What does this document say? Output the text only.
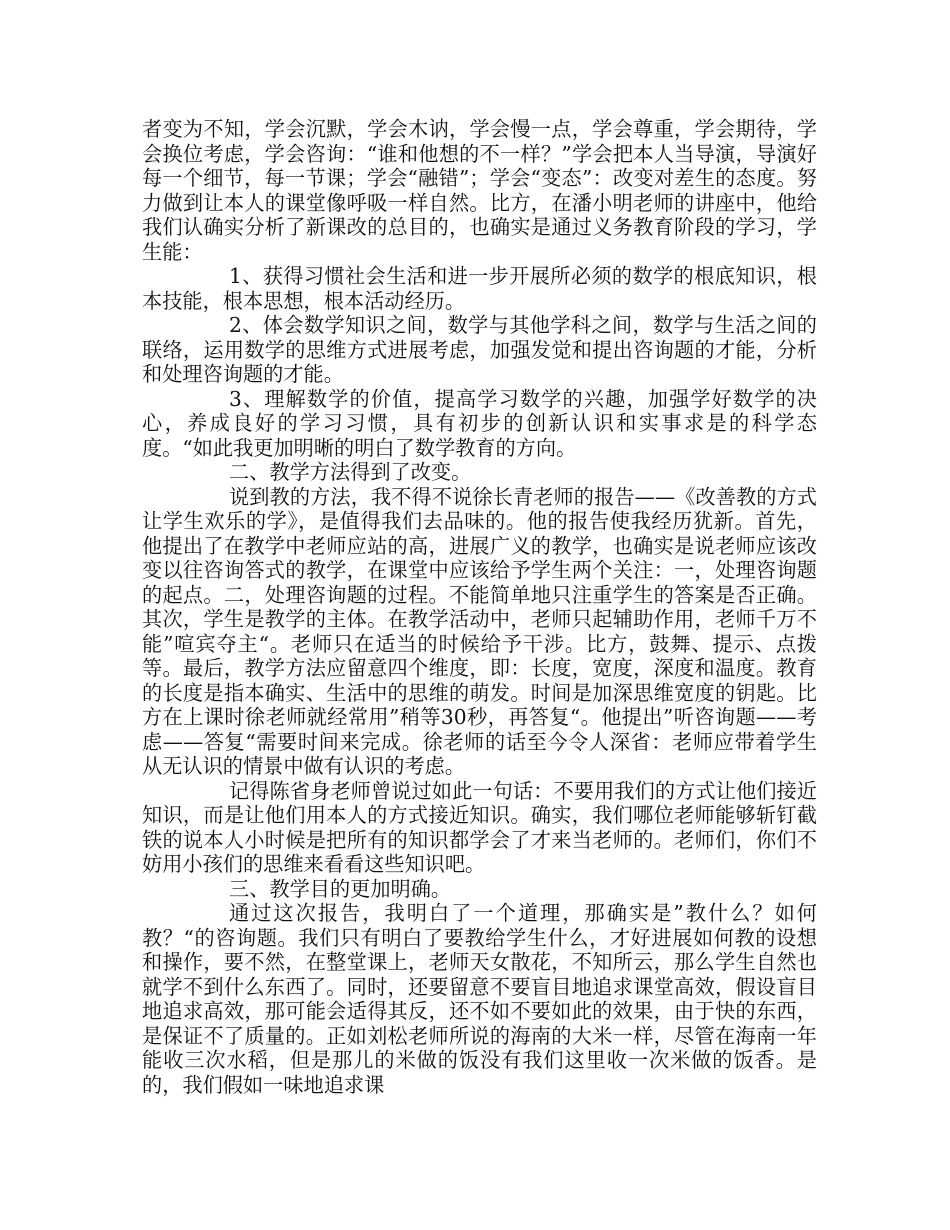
者变为不知，学会沉默，学会木讷，学会慢一点，学会尊重，学会期待，学会换位考虑，学会咨询：“谁和他想的不一样？”学会把本人当导演，导演好每一个细节，每一节课；学会“融错”；学会“变态”：改变对差生的态度。努力做到让本人的课堂像呼吸一样自然。比方，在潘小明老师的讲座中，他给我们认确实分析了新课改的总目的，也确实是通过义务教育阶段的学习，学生能：

1、获得习惯社会生活和进一步开展所必须的数学的根底知识，根本技能，根本思想，根本活动经历。

2、体会数学知识之间，数学与其他学科之间，数学与生活之间的联络，运用数学的思维方式进展考虑，加强发觉和提出咨询题的才能，分析和处理咨询题的才能。

3、理解数学的价值，提高学习数学的兴趣，加强学好数学的决心，养成良好的学习习惯，具有初步的创新认识和实事求是的科学态度。“如此我更加明晰的明白了数学教育的方向。

二、教学方法得到了改变。

说到教的方法，我不得不说徐长青老师的报告——《改善教的方式 让学生欢乐的学》，是值得我们去品味的。他的报告使我经历犹新。首先，他提出了在教学中老师应站的高，进展广义的教学，也确实是说老师应该改变以往咨询答式的教学，在课堂中应该给予学生两个关注：一，处理咨询题的起点。二，处理咨询题的过程。不能简单地只注重学生的答案是否正确。其次，学生是教学的主体。在教学活动中，老师只起辅助作用，老师千万不能”喧宾夺主“。老师只在适当的时候给予干涉。比方，鼓舞、提示、点拨等。最后，教学方法应留意四个维度，即：长度，宽度，深度和温度。教育的长度是指本确实、生活中的思维的萌发。时间是加深思维宽度的钥匙。比方在上课时徐老师就经常用”稍等30秒，再答复“。他提出”听咨询题——考虑——答复“需要时间来完成。徐老师的话至今令人深省：老师应带着学生从无认识的情景中做有认识的考虑。

记得陈省身老师曾说过如此一句话：不要用我们的方式让他们接近知识，而是让他们用本人的方式接近知识。确实，我们哪位老师能够斩钉截铁的说本人小时候是把所有的知识都学会了才来当老师的。老师们，你们不妨用小孩们的思维来看看这些知识吧。

三、教学目的更加明确。

通过这次报告，我明白了一个道理，那确实是”教什么？如何教？“的咨询题。我们只有明白了要教给学生什么，才好进展如何教的设想和操作，要不然，在整堂课上，老师天女散花，不知所云，那么学生自然也就学不到什么东西了。同时，还要留意不要盲目地追求课堂高效，假设盲目地追求高效，那可能会适得其反，还不如不要如此的效果，由于快的东西，是保证不了质量的。正如刘松老师所说的海南的大米一样，尽管在海南一年能收三次水稻，但是那儿的米做的饭没有我们这里收一次米做的饭香。是的，我们假如一味地追求课
